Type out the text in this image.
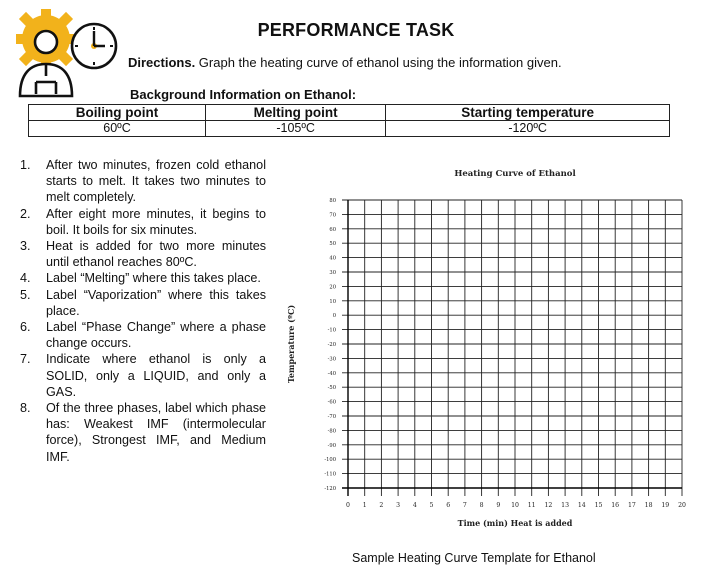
PERFORMANCE TASK
Directions. Graph the heating curve of ethanol using the information given.
Background Information on Ethanol:
Boiling point	Melting point	Starting temperature
60ºC	-105ºC	-120ºC
1. After two minutes, frozen cold ethanol starts to melt. It takes two minutes to melt completely.
2. After eight more minutes, it begins to boil. It boils for six minutes.
3. Heat is added for two more minutes until ethanol reaches 80ºC.
4. Label “Melting” where this takes place.
5. Label “Vaporization” where this takes place.
6. Label “Phase Change” where a phase change occurs.
7. Indicate where ethanol is only a SOLID, only a LIQUID, and only a GAS.
8. Of the three phases, label which phase has: Weakest IMF (intermolecular force), Strongest IMF, and Medium IMF.
Heating Curve of Ethanol
80
70
60
50
40
30
20
10
0
-10
-20
-30
-40
-50
-60
-70
-80
-90
-100
-110
-120
0 1 2 3 4 5 6 7 8 9 10 11 12 13 14 15 16 17 18 19 20
Time (min) Heat is added
Temperature (ºC)
Sample Heating Curve Template for Ethanol
